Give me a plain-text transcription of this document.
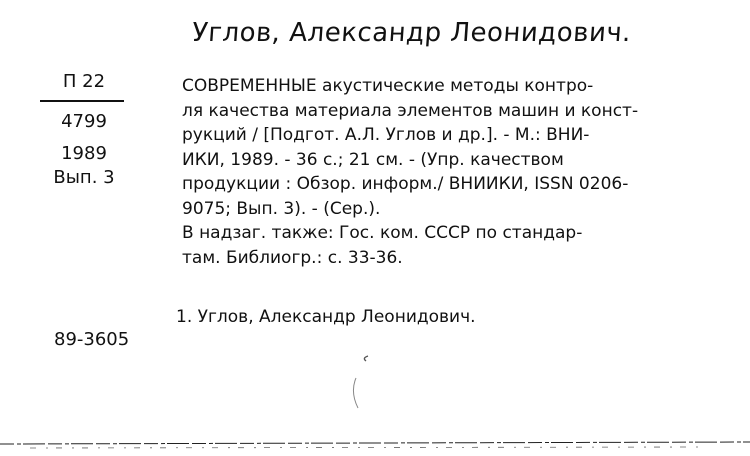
Углов, Александр Леонидович.
П 22
4799
1989
Вып. 3

СОВРЕМЕННЫЕ акустические методы контро-
ля качества материала элементов машин и конст-
рукций / [Подгот. А.Л. Углов и др.]. - М.: ВНИ-
ИКИ, 1989. - 36 с.; 21 см. - (Упр. качеством
продукции : Обзор. информ./ ВНИИКИ, ISSN 0206-
9075; Вып. 3). - (Сер.).

В надзаг. также: Гос. ком. СССР по стандар-
там. Библиогр.: с. 33-36.

1. Углов, Александр Леонидович.
89-3605
